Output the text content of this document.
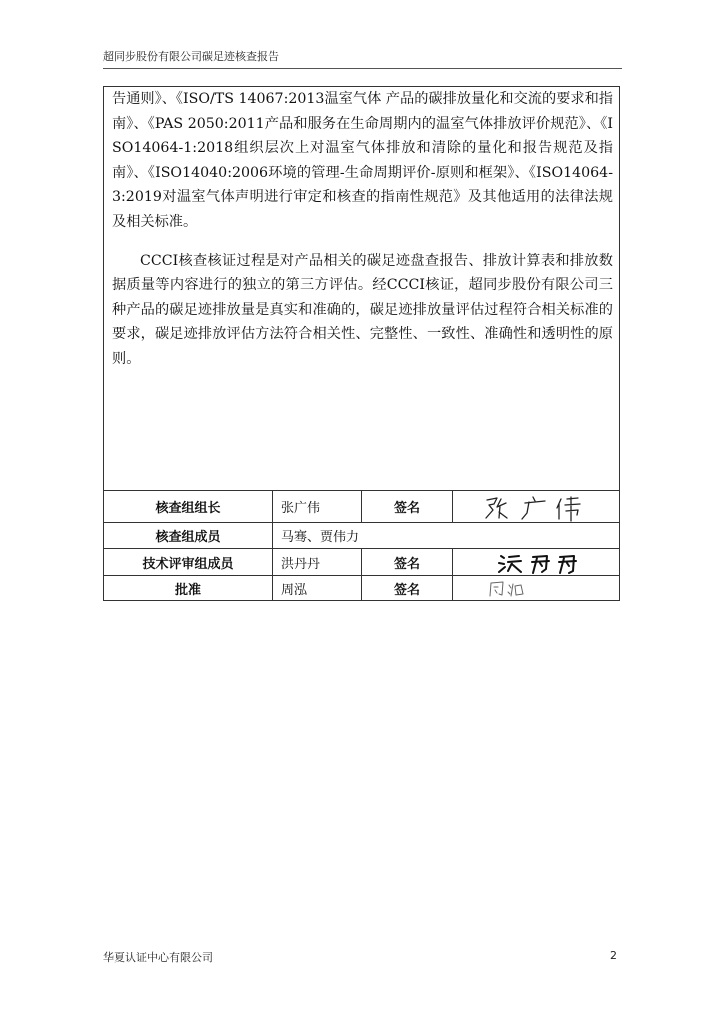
超同步股份有限公司碳足迹核查报告

告通则》、《ISO/TS 14067:2013温室气体 产品的碳排放量化和交流的要求和指南》、《PAS 2050:2011产品和服务在生命周期内的温室气体排放评价规范》、《ISO14064-1:2018组织层次上对温室气体排放和清除的量化和报告规范及指南》、《ISO14040:2006环境的管理-生命周期评价-原则和框架》、《ISO14064-3:2019对温室气体声明进行审定和核查的指南性规范》及其他适用的法律法规及相关标准。

CCCI核查核证过程是对产品相关的碳足迹盘查报告、排放计算表和排放数据质量等内容进行的独立的第三方评估。经CCCI核证，超同步股份有限公司三种产品的碳足迹排放量是真实和准确的，碳足迹排放量评估过程符合相关标准的要求，碳足迹排放评估方法符合相关性、完整性、一致性、准确性和透明性的原则。

核查组组长	张广伟	签名	

核查组成员	马骞、贾伟力		
技术评审组成员	洪丹丹	签名	

批准	周泓	签名	
华夏认证中心有限公司	2
